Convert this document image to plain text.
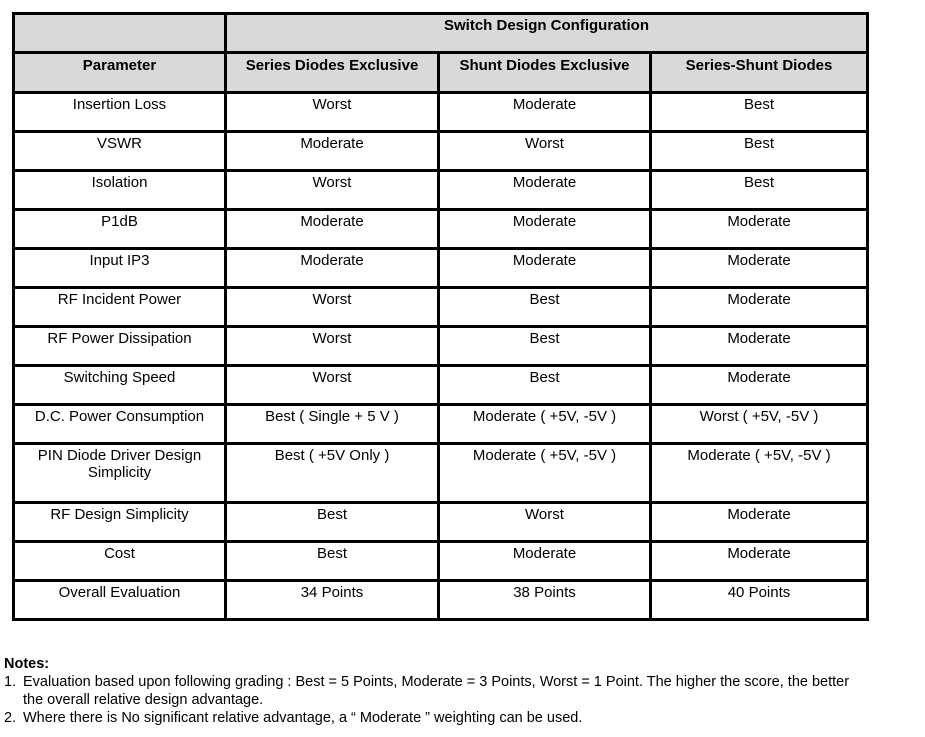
	Switch Design Configuration		
Parameter	Series Diodes Exclusive	Shunt Diodes Exclusive	Series-Shunt Diodes
Insertion Loss	Worst	Moderate	Best
VSWR	Moderate	Worst	Best
Isolation	Worst	Moderate	Best
P1dB	Moderate	Moderate	Moderate
Input IP3	Moderate	Moderate	Moderate
RF Incident Power	Worst	Best	Moderate
RF Power Dissipation	Worst	Best	Moderate
Switching Speed	Worst	Best	Moderate
D.C. Power Consumption	Best ( Single + 5 V )	Moderate ( +5V, -5V )	Worst ( +5V, -5V )
PIN Diode Driver Design Simplicity	Best ( +5V Only )	Moderate ( +5V, -5V )	Moderate ( +5V, -5V )
RF Design Simplicity	Best	Worst	Moderate
Cost	Best	Moderate	Moderate
Overall Evaluation	34 Points	38 Points	40 Points
Notes:
1. Evaluation based upon following grading : Best = 5 Points, Moderate = 3 Points, Worst = 1 Point. The higher the score, the better the overall relative design advantage.
2. Where there is No significant relative advantage, a “ Moderate ” weighting can be used.
